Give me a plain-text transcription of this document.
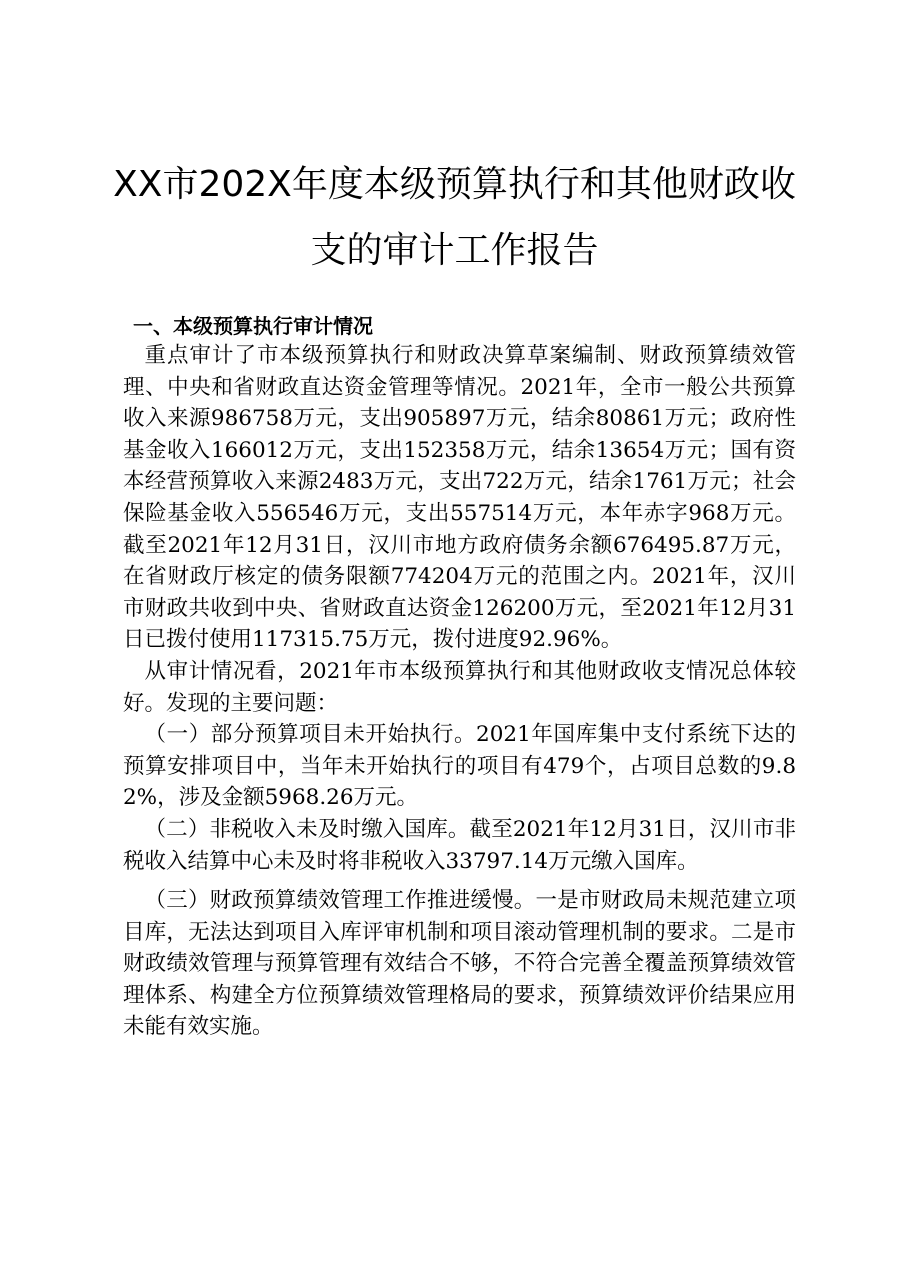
XX市202X年度本级预算执行和其他财政收
支的审计工作报告
一、本级预算执行审计情况

重点审计了市本级预算执行和财政决算草案编制、财政预算绩效管理、中央和省财政直达资金管理等情况。2021年，全市一般公共预算收入来源986758万元，支出905897万元，结余80861万元；政府性基金收入166012万元，支出152358万元，结余13654万元；国有资本经营预算收入来源2483万元，支出722万元，结余1761万元；社会保险基金收入556546万元，支出557514万元，本年赤字968万元。截至2021年12月31日，汉川市地方政府债务余额676495.87万元，在省财政厅核定的债务限额774204万元的范围之内。2021年，汉川市财政共收到中央、省财政直达资金126200万元，至2021年12月31日已拨付使用117315.75万元，拨付进度92.96%。

从审计情况看，2021年市本级预算执行和其他财政收支情况总体较好。发现的主要问题：

（一）部分预算项目未开始执行。2021年国库集中支付系统下达的预算安排项目中，当年未开始执行的项目有479个，占项目总数的9.82%，涉及金额5968.26万元。

（二）非税收入未及时缴入国库。截至2021年12月31日，汉川市非税收入结算中心未及时将非税收入33797.14万元缴入国库。

（三）财政预算绩效管理工作推进缓慢。一是市财政局未规范建立项目库，无法达到项目入库评审机制和项目滚动管理机制的要求。二是市财政绩效管理与预算管理有效结合不够，不符合完善全覆盖预算绩效管理体系、构建全方位预算绩效管理格局的要求，预算绩效评价结果应用未能有效实施。
